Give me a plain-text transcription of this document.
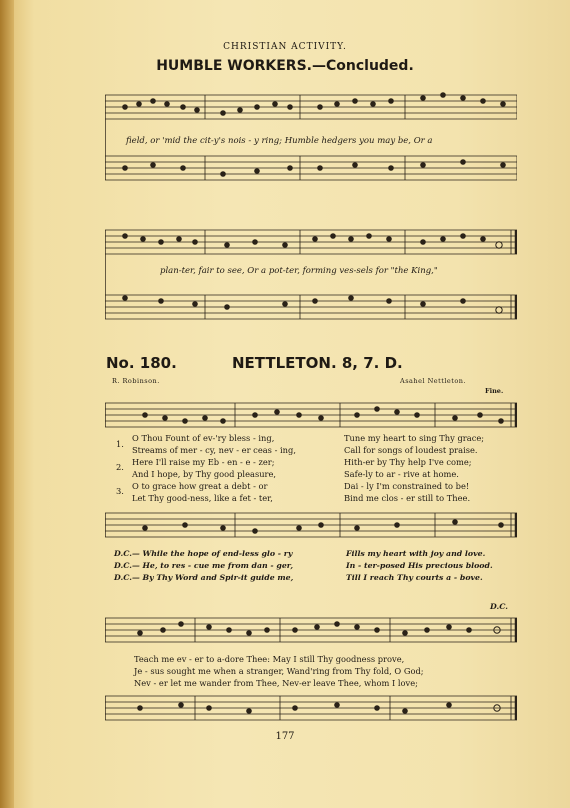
CHRISTIAN ACTIVITY.
HUMBLE WORKERS.—Concluded.
field, or 'mid the cit-y's nois - y ring; Humble hedgers you may be, Or a
plan-ter, fair to see, Or a pot-ter, forming ves-sels for "the King,"
No. 180.	NETTLETON. 8, 7. D.
R. Robinson.	Asahel Nettleton.
Fine.
1.
2.
3.
O Thou Fount of ev-'ry bless - ing,	Tune my heart to sing Thy grace;
Streams of mer - cy, nev - er ceas - ing,	Call for songs of loudest praise.
Here I'll raise my Eb - en - e - zer;	Hith-er by Thy help I've come;
And I hope, by Thy good pleasure,	Safe-ly to ar - rive at home.
O to grace how great a debt - or	Dai - ly I'm constrained to be!
Let Thy good-ness, like a fet - ter,	Bind me clos - er still to Thee.
D.C.— While the hope of end-less glo - ry	Fills my heart with joy and love.
D.C.— He, to res - cue me from dan - ger,	In - ter-posed His precious blood.
D.C.— By Thy Word and Spir-it guide me,	Till I reach Thy courts a - bove.
D.C.
Teach me ev - er to a-dore Thee: May I still Thy goodness prove,
Je - sus sought me when a stranger, Wand'ring from Thy fold, O God;
Nev - er let me wander from Thee, Nev-er leave Thee, whom I love;
177
